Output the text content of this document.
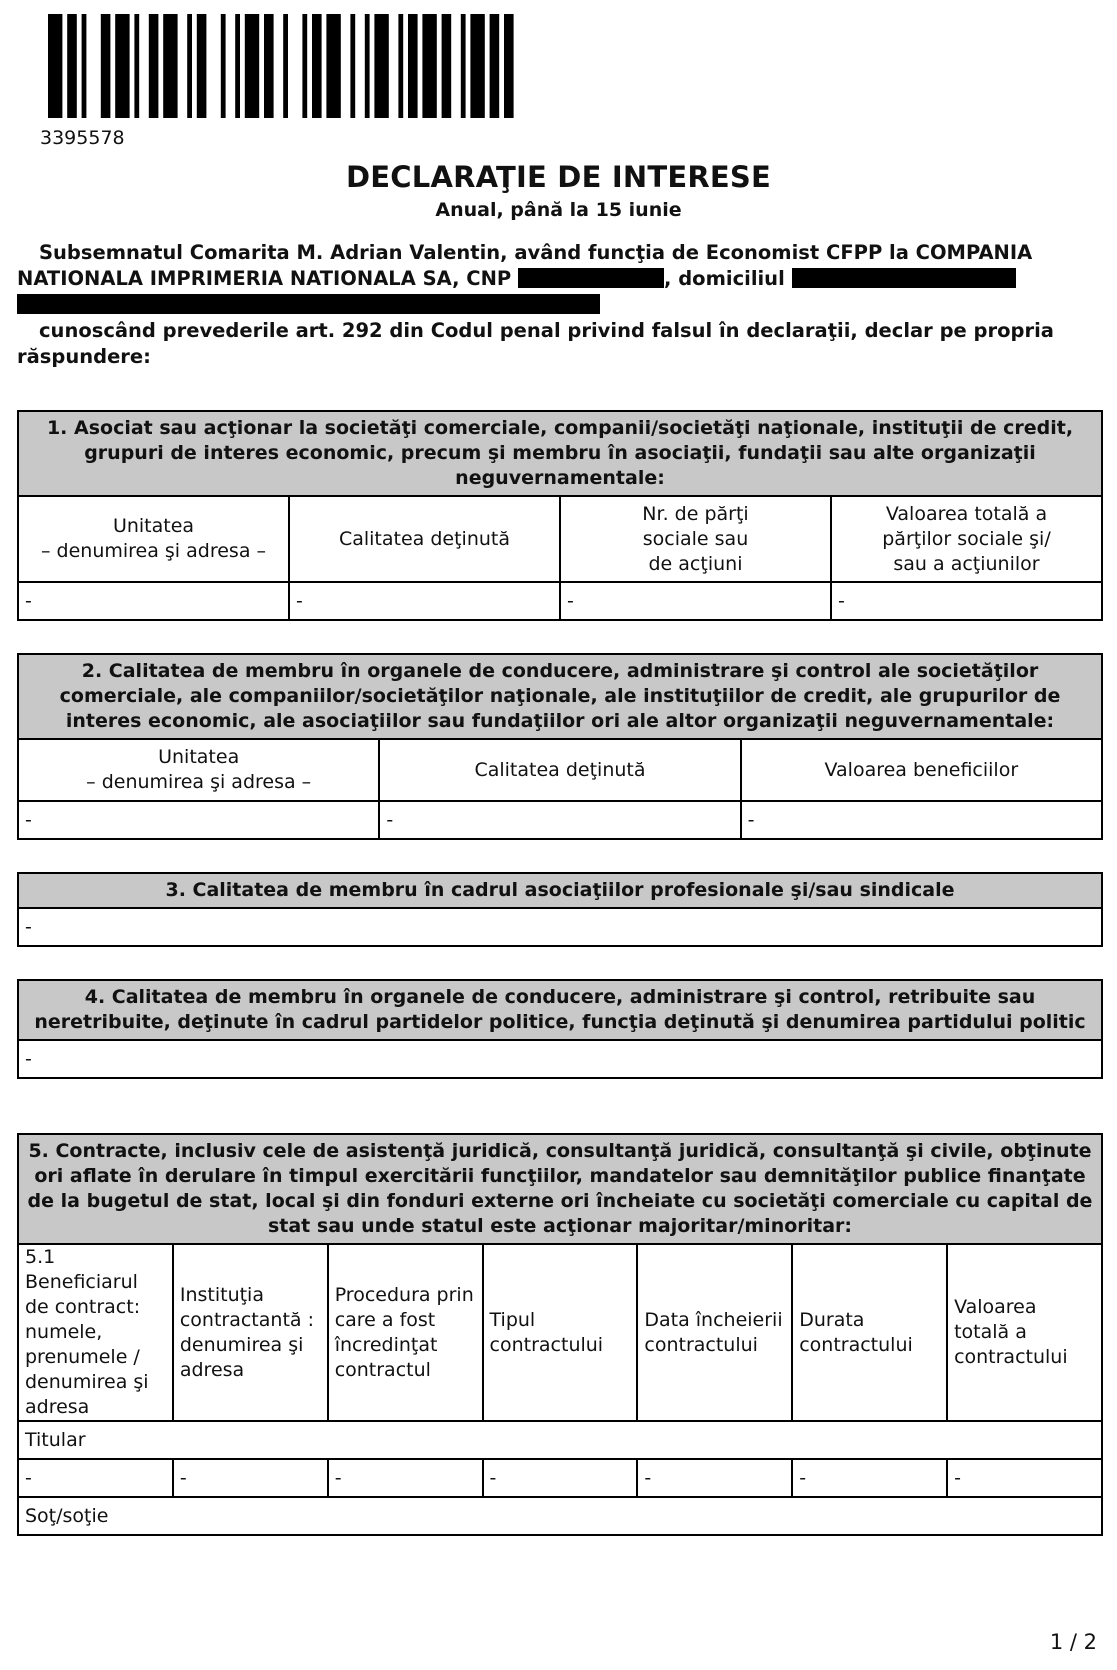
3395578
DECLARAŢIE DE INTERESE
Anual, până la 15 iunie
Subsemnatul Comarita M. Adrian Valentin, având funcţia de Economist CFPP la COMPANIA
NATIONALA IMPRIMERIA NATIONALA SA, CNP	, domiciliul
cunoscând prevederile art. 292 din Codul penal privind falsul în declaraţii, declar pe propria
răspundere:
1. Asociat sau acţionar la societăţi comerciale, companii/societăţi naţionale, instituţii de credit, grupuri de interes economic, precum şi membru în asociaţii, fundaţii sau alte organizaţii neguvernamentale:			
Unitatea
– denumirea şi adresa –	Calitatea deţinută	Nr. de părţi
sociale sau
de acţiuni	Valoarea totală a
părţilor sociale şi/
sau a acţiunilor
-	-	-	-
2. Calitatea de membru în organele de conducere, administrare şi control ale societăţilor comerciale, ale companiilor/societăţilor naţionale, ale instituţiilor de credit, ale grupurilor de interes economic, ale asociaţiilor sau fundaţiilor ori ale altor organizaţii neguvernamentale:		
Unitatea
– denumirea şi adresa –	Calitatea deţinută	Valoarea beneficiilor
-	-	-
3. Calitatea de membru în cadrul asociaţiilor profesionale şi/sau sindicale
-
4. Calitatea de membru în organele de conducere, administrare şi control, retribuite sau neretribuite, deţinute în cadrul partidelor politice, funcţia deţinută şi denumirea partidului politic
-
5. Contracte, inclusiv cele de asistenţă juridică, consultanţă juridică, consultanţă şi civile, obţinute ori aflate în derulare în timpul exercitării funcţiilor, mandatelor sau demnităţilor publice finanţate de la bugetul de stat, local şi din fonduri externe ori încheiate cu societăţi comerciale cu capital de stat sau unde statul este acţionar majoritar/minoritar:						
5.1 Beneficiarul de contract: numele, prenumele / denumirea şi adresa	Instituţia contractantă : denumirea şi adresa	Procedura prin care a fost încredinţat contractul	Tipul contractului	Data încheierii contractului	Durata contractului	Valoarea totală a contractului
Titular						
-	-	-	-	-	-	-
Soţ/soţie						
1 / 2
